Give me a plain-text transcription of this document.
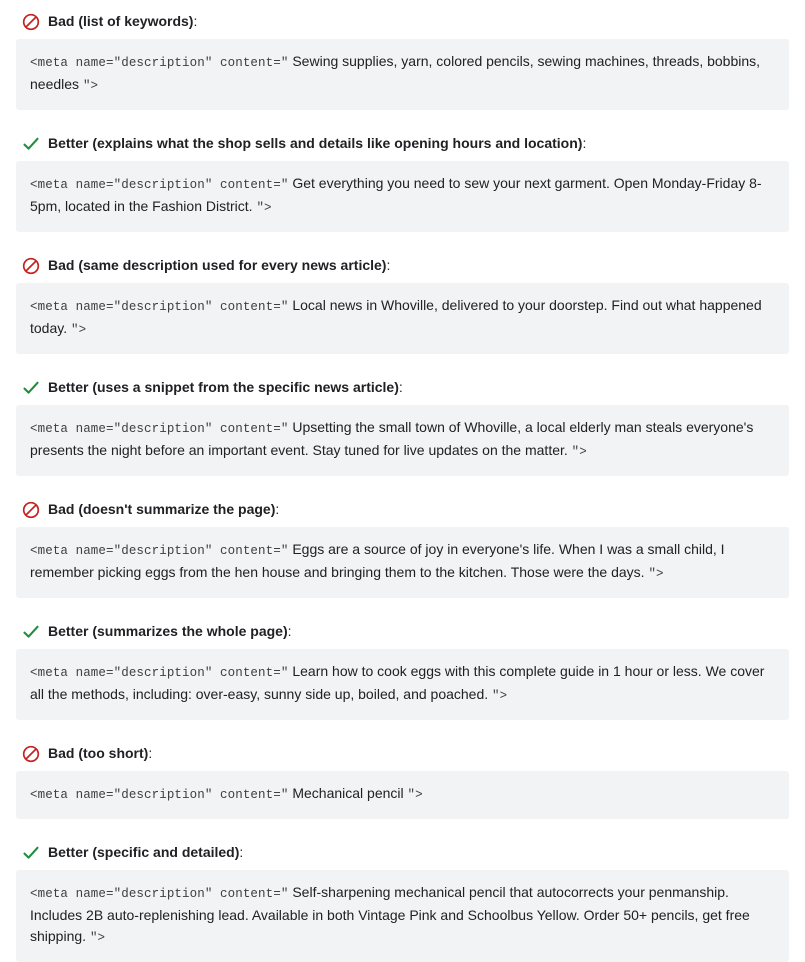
Bad (list of keywords):
<meta name="description" content=" Sewing supplies, yarn, colored pencils, sewing machines, threads, bobbins, needles ">
Better (explains what the shop sells and details like opening hours and location):
<meta name="description" content=" Get everything you need to sew your next garment. Open Monday-Friday 8-5pm, located in the Fashion District. ">
Bad (same description used for every news article):
<meta name="description" content=" Local news in Whoville, delivered to your doorstep. Find out what happened today. ">
Better (uses a snippet from the specific news article):
<meta name="description" content=" Upsetting the small town of Whoville, a local elderly man steals everyone's presents the night before an important event. Stay tuned for live updates on the matter. ">
Bad (doesn't summarize the page):
<meta name="description" content=" Eggs are a source of joy in everyone's life. When I was a small child, I remember picking eggs from the hen house and bringing them to the kitchen. Those were the days. ">
Better (summarizes the whole page):
<meta name="description" content=" Learn how to cook eggs with this complete guide in 1 hour or less. We cover all the methods, including: over-easy, sunny side up, boiled, and poached. ">
Bad (too short):
<meta name="description" content=" Mechanical pencil ">
Better (specific and detailed):
<meta name="description" content=" Self-sharpening mechanical pencil that autocorrects your penmanship. Includes 2B auto-replenishing lead. Available in both Vintage Pink and Schoolbus Yellow. Order 50+ pencils, get free shipping. ">
